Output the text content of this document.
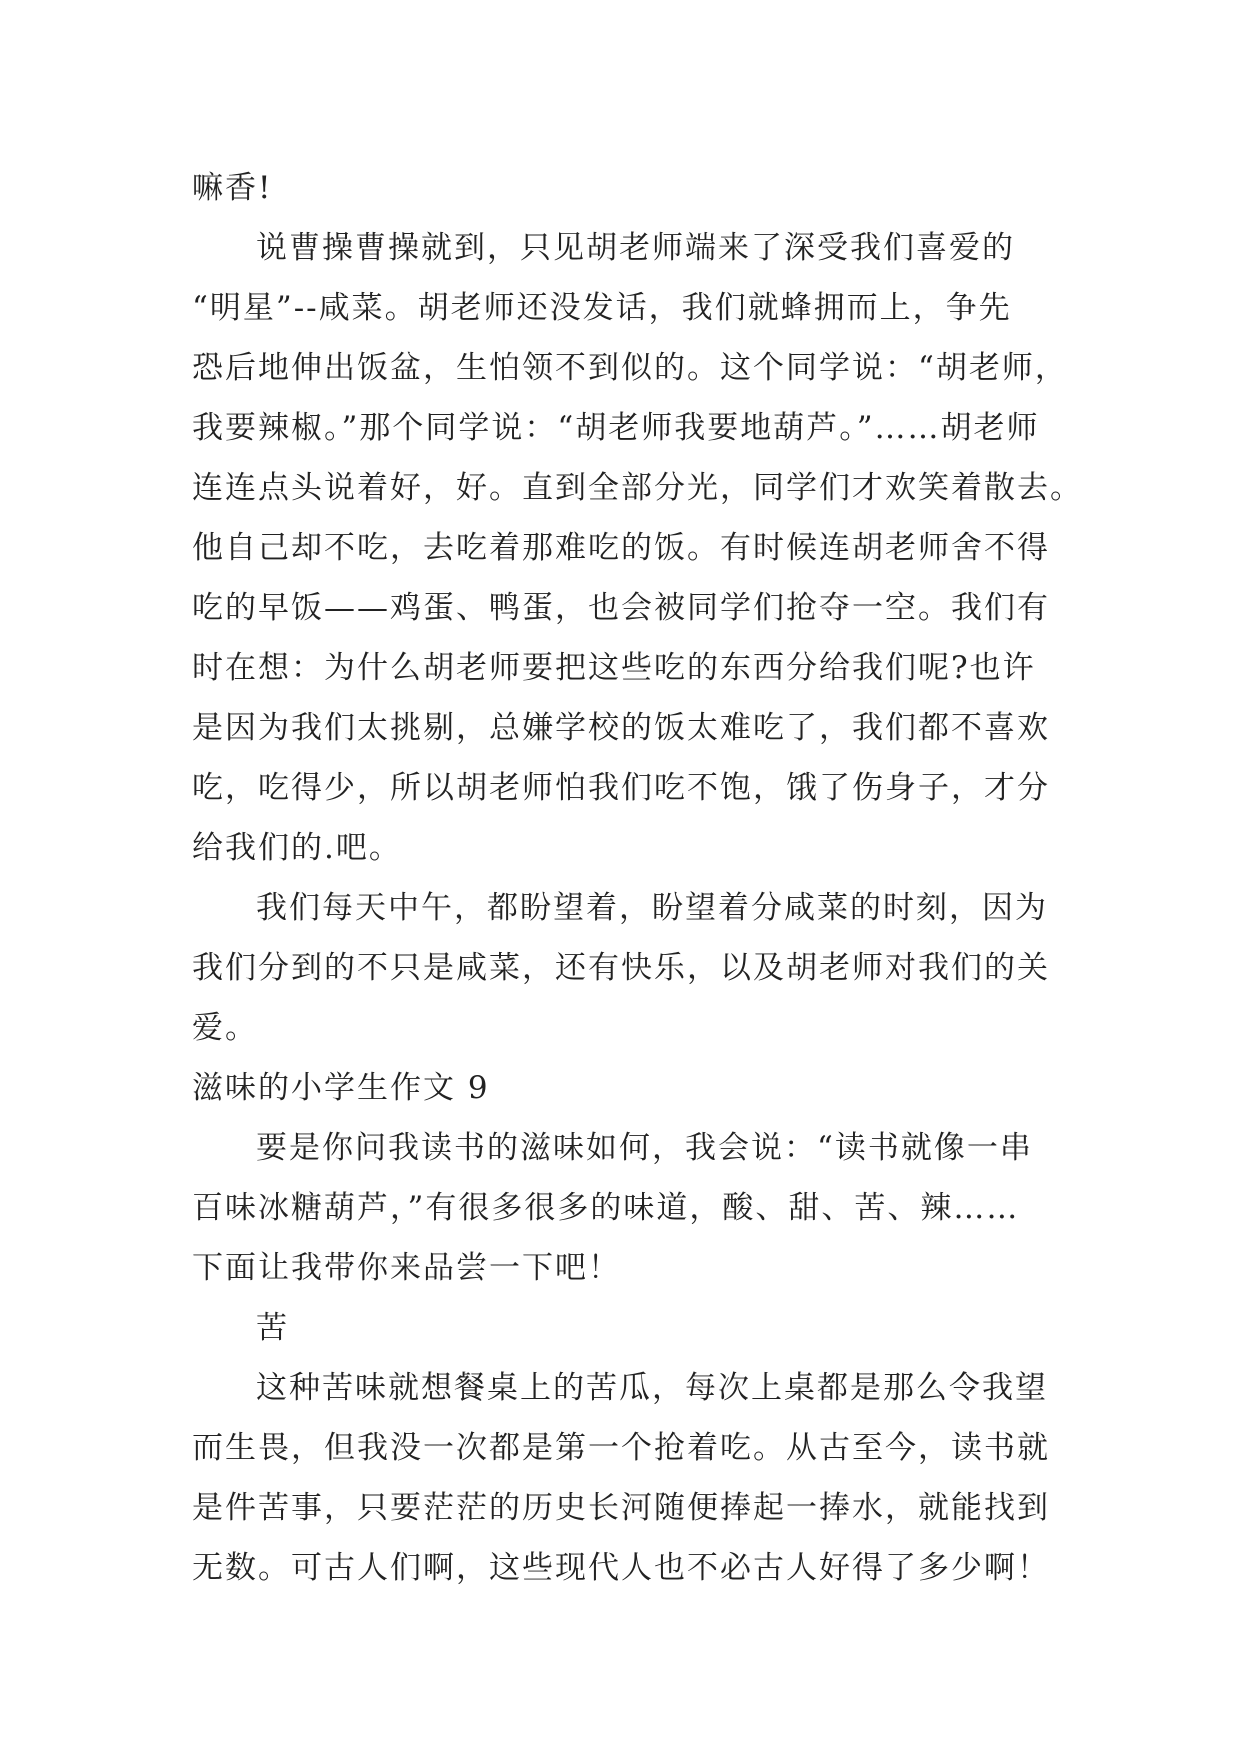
嘛香!
说曹操曹操就到，只见胡老师端来了深受我们喜爱的
“明星”--咸菜。胡老师还没发话，我们就蜂拥而上，争先
恐后地伸出饭盆，生怕领不到似的。这个同学说：“胡老师，
我要辣椒。”那个同学说：“胡老师我要地葫芦。”……胡老师
连连点头说着好，好。直到全部分光，同学们才欢笑着散去。
他自己却不吃，去吃着那难吃的饭。有时候连胡老师舍不得
吃的早饭——鸡蛋、鸭蛋，也会被同学们抢夺一空。我们有
时在想：为什么胡老师要把这些吃的东西分给我们呢?也许
是因为我们太挑剔，总嫌学校的饭太难吃了，我们都不喜欢
吃，吃得少，所以胡老师怕我们吃不饱，饿了伤身子，才分
给我们的.吧。
我们每天中午，都盼望着，盼望着分咸菜的时刻，因为
我们分到的不只是咸菜，还有快乐，以及胡老师对我们的关
爱。
滋味的小学生作文 9
要是你问我读书的滋味如何，我会说：“读书就像一串
百味冰糖葫芦，”有很多很多的味道，酸、甜、苦、辣……
下面让我带你来品尝一下吧！
苦
这种苦味就想餐桌上的苦瓜，每次上桌都是那么令我望
而生畏，但我没一次都是第一个抢着吃。从古至今，读书就
是件苦事，只要茫茫的历史长河随便捧起一捧水，就能找到
无数。可古人们啊，这些现代人也不必古人好得了多少啊！
